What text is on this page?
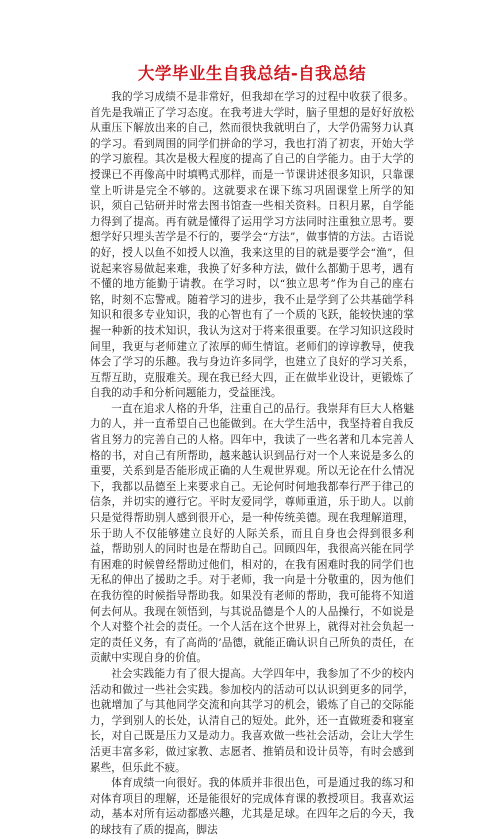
大学毕业生自我总结-自我总结

我的学习成绩不是非常好，但我却在学习的过程中收获了很多。首先是我端正了学习态度。在我考进大学时，脑子里想的是好好放松从重压下解放出来的自己，然而很快我就明白了，大学仍需努力认真的学习。看到周围的同学们拼命的学习，我也打消了初衷，开始大学的学习旅程。其次是极大程度的提高了自己的自学能力。由于大学的授课已不再像高中时填鸭式那样，而是一节课讲述很多知识，只靠课堂上听讲是完全不够的。这就要求在课下练习巩固课堂上所学的知识，须自己钻研并时常去图书馆查一些相关资料。日积月累，自学能力得到了提高。再有就是懂得了运用学习方法同时注重独立思考。要想学好只埋头苦学是不行的，要学会“方法”，做事情的方法。古语说的好，授人以鱼不如授人以渔，我来这里的目的就是要学会“渔”，但说起来容易做起来难，我换了好多种方法，做什么都勤于思考，遇有不懂的地方能勤于请教。在学习时，以“独立思考”作为自己的座右铭，时刻不忘警戒。随着学习的进步，我不止是学到了公共基础学科知识和很多专业知识，我的心智也有了一个质的飞跃，能较快速的掌握一种新的技术知识，我认为这对于将来很重要。在学习知识这段时间里，我更与老师建立了浓厚的师生情谊。老师们的谆谆教导，使我体会了学习的乐趣。我与身边许多同学，也建立了良好的学习关系，互帮互助，克服难关。现在我已经大四，正在做毕业设计，更锻炼了自我的动手和分析问题能力，受益匪浅。

一直在追求人格的升华，注重自己的品行。我崇拜有巨大人格魅力的人，并一直希望自己也能做到。在大学生活中，我坚持着自我反省且努力的完善自己的人格。四年中，我读了一些名著和几本完善人格的书，对自己有所帮助，越来越认识到品行对一个人来说是多么的重要，关系到是否能形成正确的人生观世界观。所以无论在什么情况下，我都以品德至上来要求自己。无论何时何地我都奉行严于律己的信条，并切实的遵行它。平时友爱同学，尊师重道，乐于助人。以前只是觉得帮助别人感到很开心，是一种传统美德。现在我理解道理，乐于助人不仅能够建立良好的人际关系，而且自身也会得到很多利益，帮助别人的同时也是在帮助自己。回顾四年，我很高兴能在同学有困难的时候曾经帮助过他们，相对的，在我有困难时我的同学们也无私的伸出了援助之手。对于老师，我一向是十分敬重的，因为他们在我彷徨的时候指导帮助我。如果没有老师的帮助，我可能将不知道何去何从。我现在领悟到，与其说品德是个人的人品操行，不如说是个人对整个社会的责任。一个人活在这个世界上，就得对社会负起一定的责任义务，有了高尚的’品德，就能正确认识自己所负的责任，在贡献中实现自身的价值。

社会实践能力有了很大提高。大学四年中，我参加了不少的校内活动和做过一些社会实践。参加校内的活动可以认识到更多的同学，也就增加了与其他同学交流和向其学习的机会，锻炼了自己的交际能力，学到别人的长处，认清自己的短处。此外，还一直做班委和寝室长，对自己既是压力又是动力。我喜欢做一些社会活动，会让大学生活更丰富多彩，做过家教、志愿者、推销员和设计员等，有时会感到累些，但乐此不疲。

体育成绩一向很好。我的体质并非很出色，可是通过我的练习和对体育项目的理解，还是能很好的完成体育课的教授项目。我喜欢运动，基本对所有运动都感兴趣，尤其是足球。在四年之后的今天，我的球技有了质的提高，脚法
